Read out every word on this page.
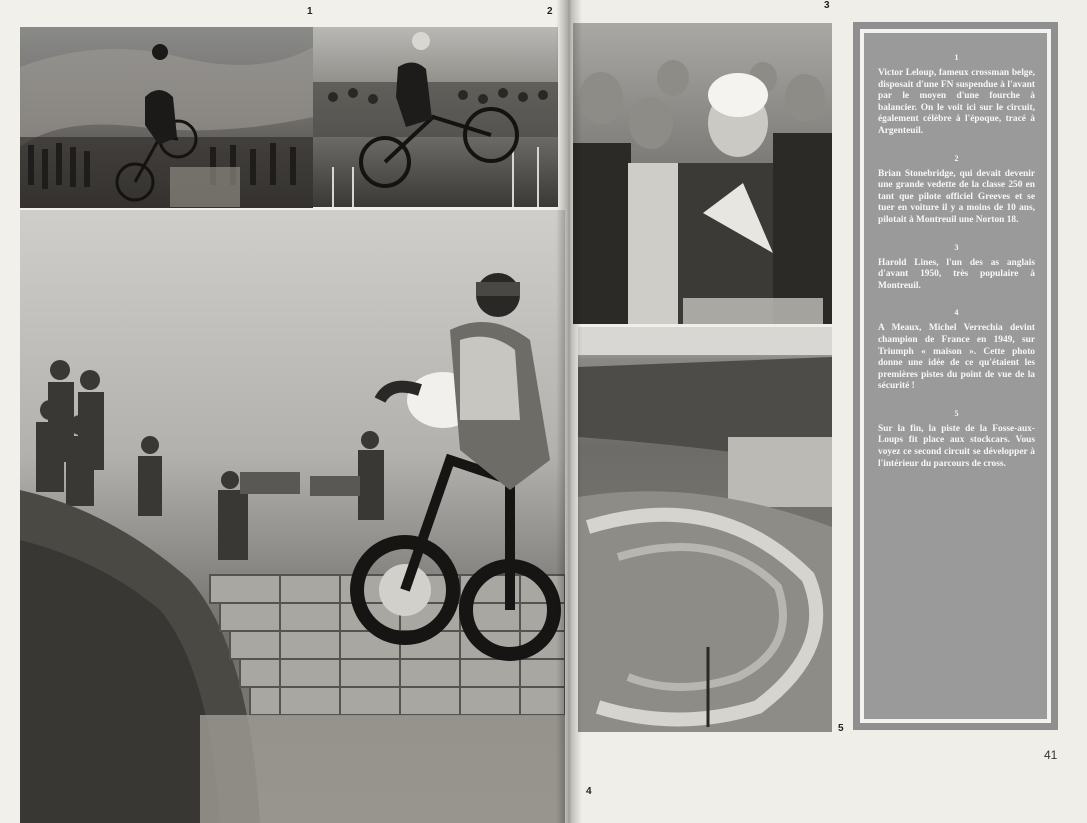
1	2
3
4
5
1
Victor Leloup, fameux crossman belge, disposait d'une FN suspendue à l'avant par le moyen d'une fourche à balancier. On le voit ici sur le circuit, également célèbre à l'époque, tracé à Argenteuil.
2
Brian Stonebridge, qui devait devenir une grande vedette de la classe 250 en tant que pilote officiel Greeves et se tuer en voiture il y a moins de 10 ans, pilotait à Montreuil une Norton 18.
3
Harold Lines, l'un des as anglais d'avant 1950, très populaire à Montreuil.
4
A Meaux, Michel Verrechia devint champion de France en 1949, sur Triumph « maison ». Cette photo donne une idée de ce qu'étaient les premières pistes du point de vue de la sécurité !
5
Sur la fin, la piste de la Fosse-aux-Loups fit place aux stockcars. Vous voyez ce second circuit se développer à l'intérieur du parcours de cross.
41
